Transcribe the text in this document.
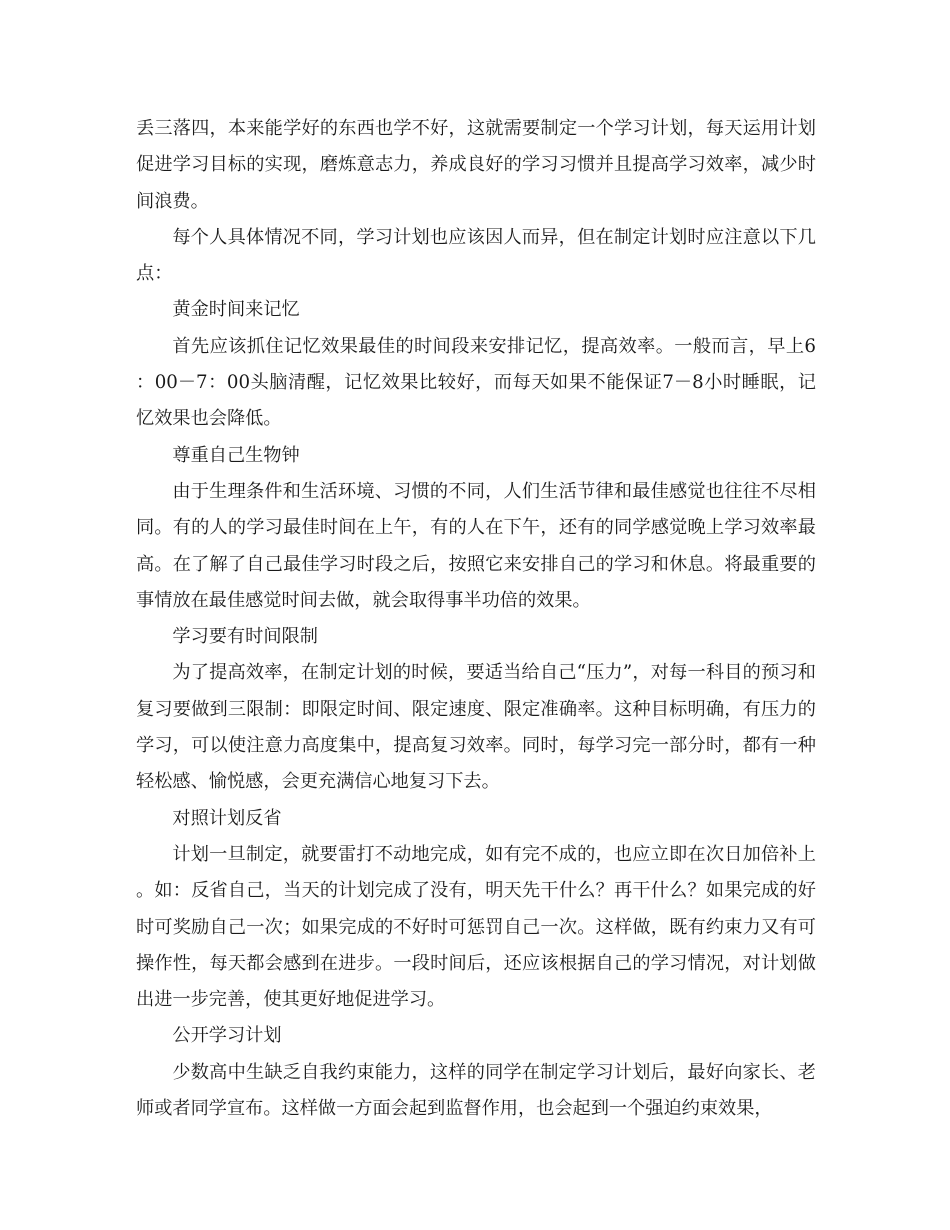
丢三落四，本来能学好的东西也学不好，这就需要制定一个学习计划，每天运用计划促进学习目标的实现，磨炼意志力，养成良好的学习习惯并且提高学习效率，减少时间浪费。

每个人具体情况不同，学习计划也应该因人而异，但在制定计划时应注意以下几点：

黄金时间来记忆

首先应该抓住记忆效果最佳的时间段来安排记忆，提高效率。一般而言，早上6：00－7：00头脑清醒，记忆效果比较好，而每天如果不能保证7－8小时睡眠，记忆效果也会降低。

尊重自己生物钟

由于生理条件和生活环境、习惯的不同，人们生活节律和最佳感觉也往往不尽相同。有的人的学习最佳时间在上午，有的人在下午，还有的同学感觉晚上学习效率最高。在了解了自己最佳学习时段之后，按照它来安排自己的学习和休息。将最重要的事情放在最佳感觉时间去做，就会取得事半功倍的效果。

学习要有时间限制

为了提高效率，在制定计划的时候，要适当给自己“压力”，对每一科目的预习和复习要做到三限制：即限定时间、限定速度、限定准确率。这种目标明确，有压力的学习，可以使注意力高度集中，提高复习效率。同时，每学习完一部分时，都有一种轻松感、愉悦感，会更充满信心地复习下去。

对照计划反省

计划一旦制定，就要雷打不动地完成，如有完不成的，也应立即在次日加倍补上。如：反省自己，当天的计划完成了没有，明天先干什么？再干什么？如果完成的好时可奖励自己一次；如果完成的不好时可惩罚自己一次。这样做，既有约束力又有可操作性，每天都会感到在进步。一段时间后，还应该根据自己的学习情况，对计划做出进一步完善，使其更好地促进学习。

公开学习计划

少数高中生缺乏自我约束能力，这样的同学在制定学习计划后，最好向家长、老师或者同学宣布。这样做一方面会起到监督作用，也会起到一个强迫约束效果，
